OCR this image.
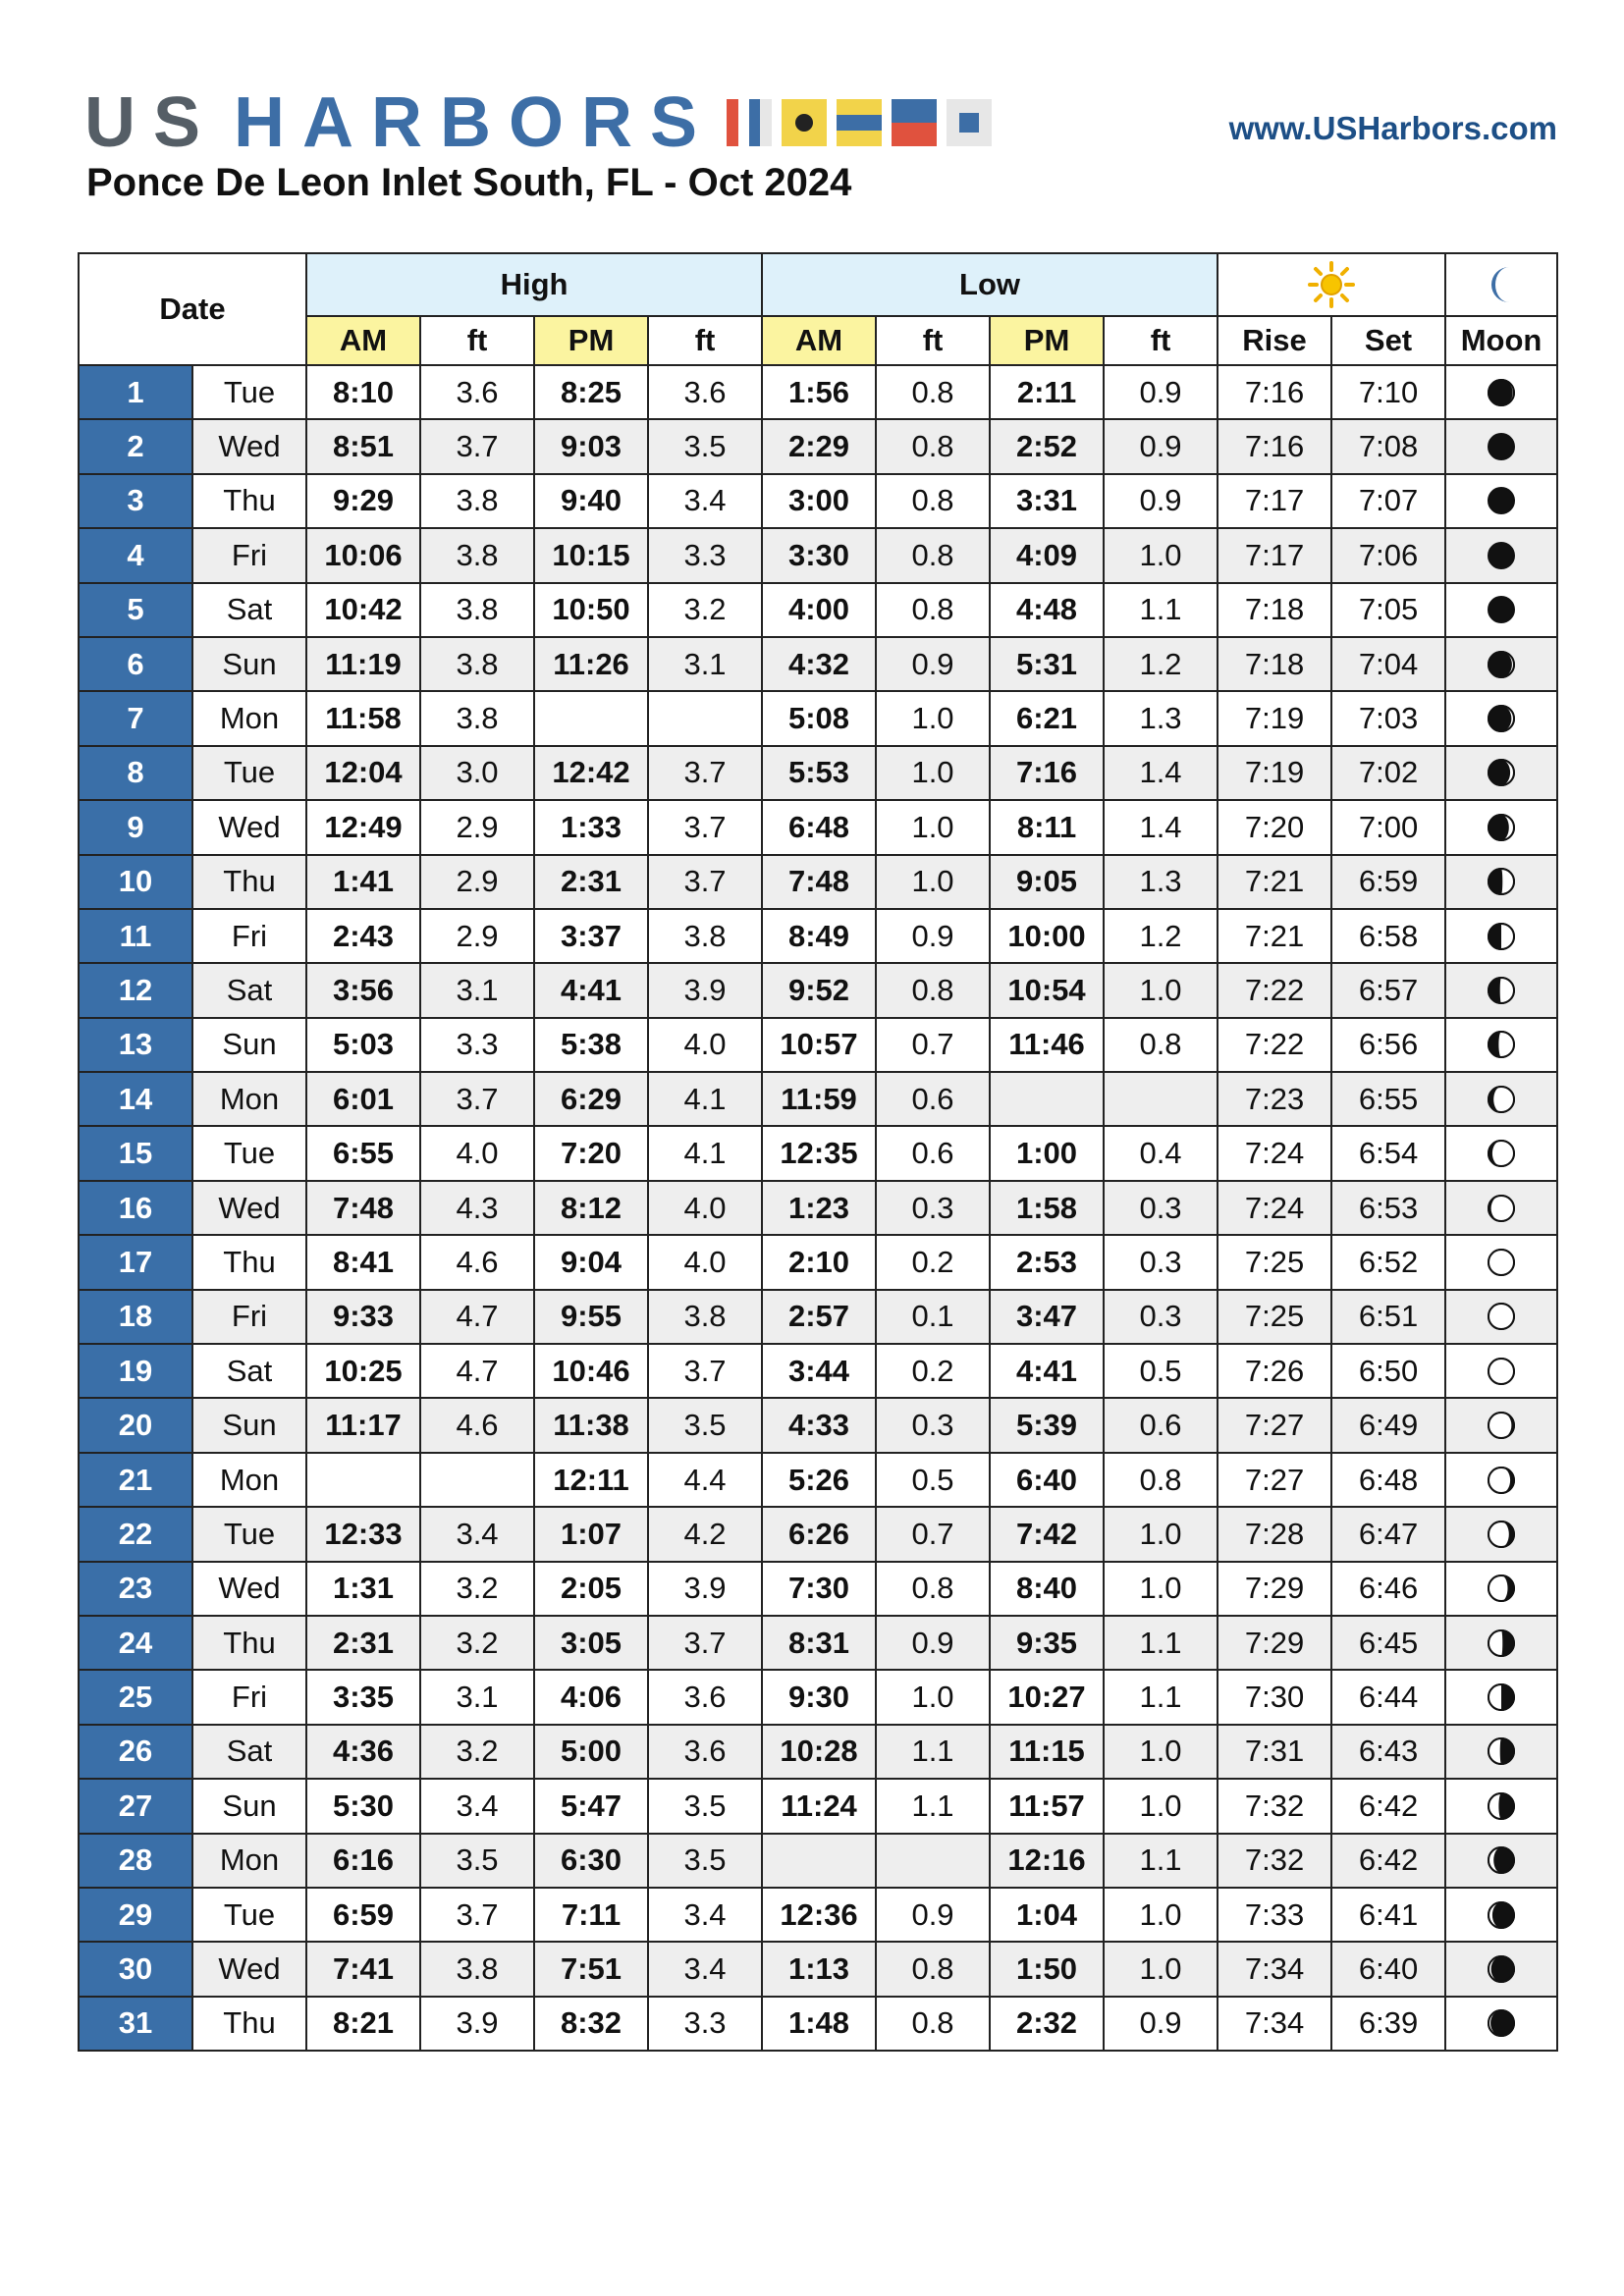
US HARBORS	www.USHarbors.com
Ponce De Leon Inlet South, FL - Oct 2024
Date		High				Low		
		AM	ft	PM	ft	AM	ft	PM	ft	Rise	Set	Moon
1	Tue	8:10	3.6	8:25	3.6	1:56	0.8	2:11	0.9	7:16	7:10	

2	Wed	8:51	3.7	9:03	3.5	2:29	0.8	2:52	0.9	7:16	7:08	

3	Thu	9:29	3.8	9:40	3.4	3:00	0.8	3:31	0.9	7:17	7:07	

4	Fri	10:06	3.8	10:15	3.3	3:30	0.8	4:09	1.0	7:17	7:06	

5	Sat	10:42	3.8	10:50	3.2	4:00	0.8	4:48	1.1	7:18	7:05	

6	Sun	11:19	3.8	11:26	3.1	4:32	0.9	5:31	1.2	7:18	7:04	

7	Mon	11:58	3.8			5:08	1.0	6:21	1.3	7:19	7:03	

8	Tue	12:04	3.0	12:42	3.7	5:53	1.0	7:16	1.4	7:19	7:02	

9	Wed	12:49	2.9	1:33	3.7	6:48	1.0	8:11	1.4	7:20	7:00	

10	Thu	1:41	2.9	2:31	3.7	7:48	1.0	9:05	1.3	7:21	6:59	

11	Fri	2:43	2.9	3:37	3.8	8:49	0.9	10:00	1.2	7:21	6:58	

12	Sat	3:56	3.1	4:41	3.9	9:52	0.8	10:54	1.0	7:22	6:57	

13	Sun	5:03	3.3	5:38	4.0	10:57	0.7	11:46	0.8	7:22	6:56	

14	Mon	6:01	3.7	6:29	4.1	11:59	0.6			7:23	6:55	

15	Tue	6:55	4.0	7:20	4.1	12:35	0.6	1:00	0.4	7:24	6:54	

16	Wed	7:48	4.3	8:12	4.0	1:23	0.3	1:58	0.3	7:24	6:53	

17	Thu	8:41	4.6	9:04	4.0	2:10	0.2	2:53	0.3	7:25	6:52	

18	Fri	9:33	4.7	9:55	3.8	2:57	0.1	3:47	0.3	7:25	6:51	

19	Sat	10:25	4.7	10:46	3.7	3:44	0.2	4:41	0.5	7:26	6:50	

20	Sun	11:17	4.6	11:38	3.5	4:33	0.3	5:39	0.6	7:27	6:49	

21	Mon			12:11	4.4	5:26	0.5	6:40	0.8	7:27	6:48	

22	Tue	12:33	3.4	1:07	4.2	6:26	0.7	7:42	1.0	7:28	6:47	

23	Wed	1:31	3.2	2:05	3.9	7:30	0.8	8:40	1.0	7:29	6:46	

24	Thu	2:31	3.2	3:05	3.7	8:31	0.9	9:35	1.1	7:29	6:45	

25	Fri	3:35	3.1	4:06	3.6	9:30	1.0	10:27	1.1	7:30	6:44	

26	Sat	4:36	3.2	5:00	3.6	10:28	1.1	11:15	1.0	7:31	6:43	

27	Sun	5:30	3.4	5:47	3.5	11:24	1.1	11:57	1.0	7:32	6:42	

28	Mon	6:16	3.5	6:30	3.5			12:16	1.1	7:32	6:42	

29	Tue	6:59	3.7	7:11	3.4	12:36	0.9	1:04	1.0	7:33	6:41	

30	Wed	7:41	3.8	7:51	3.4	1:13	0.8	1:50	1.0	7:34	6:40	

31	Thu	8:21	3.9	8:32	3.3	1:48	0.8	2:32	0.9	7:34	6:39	
